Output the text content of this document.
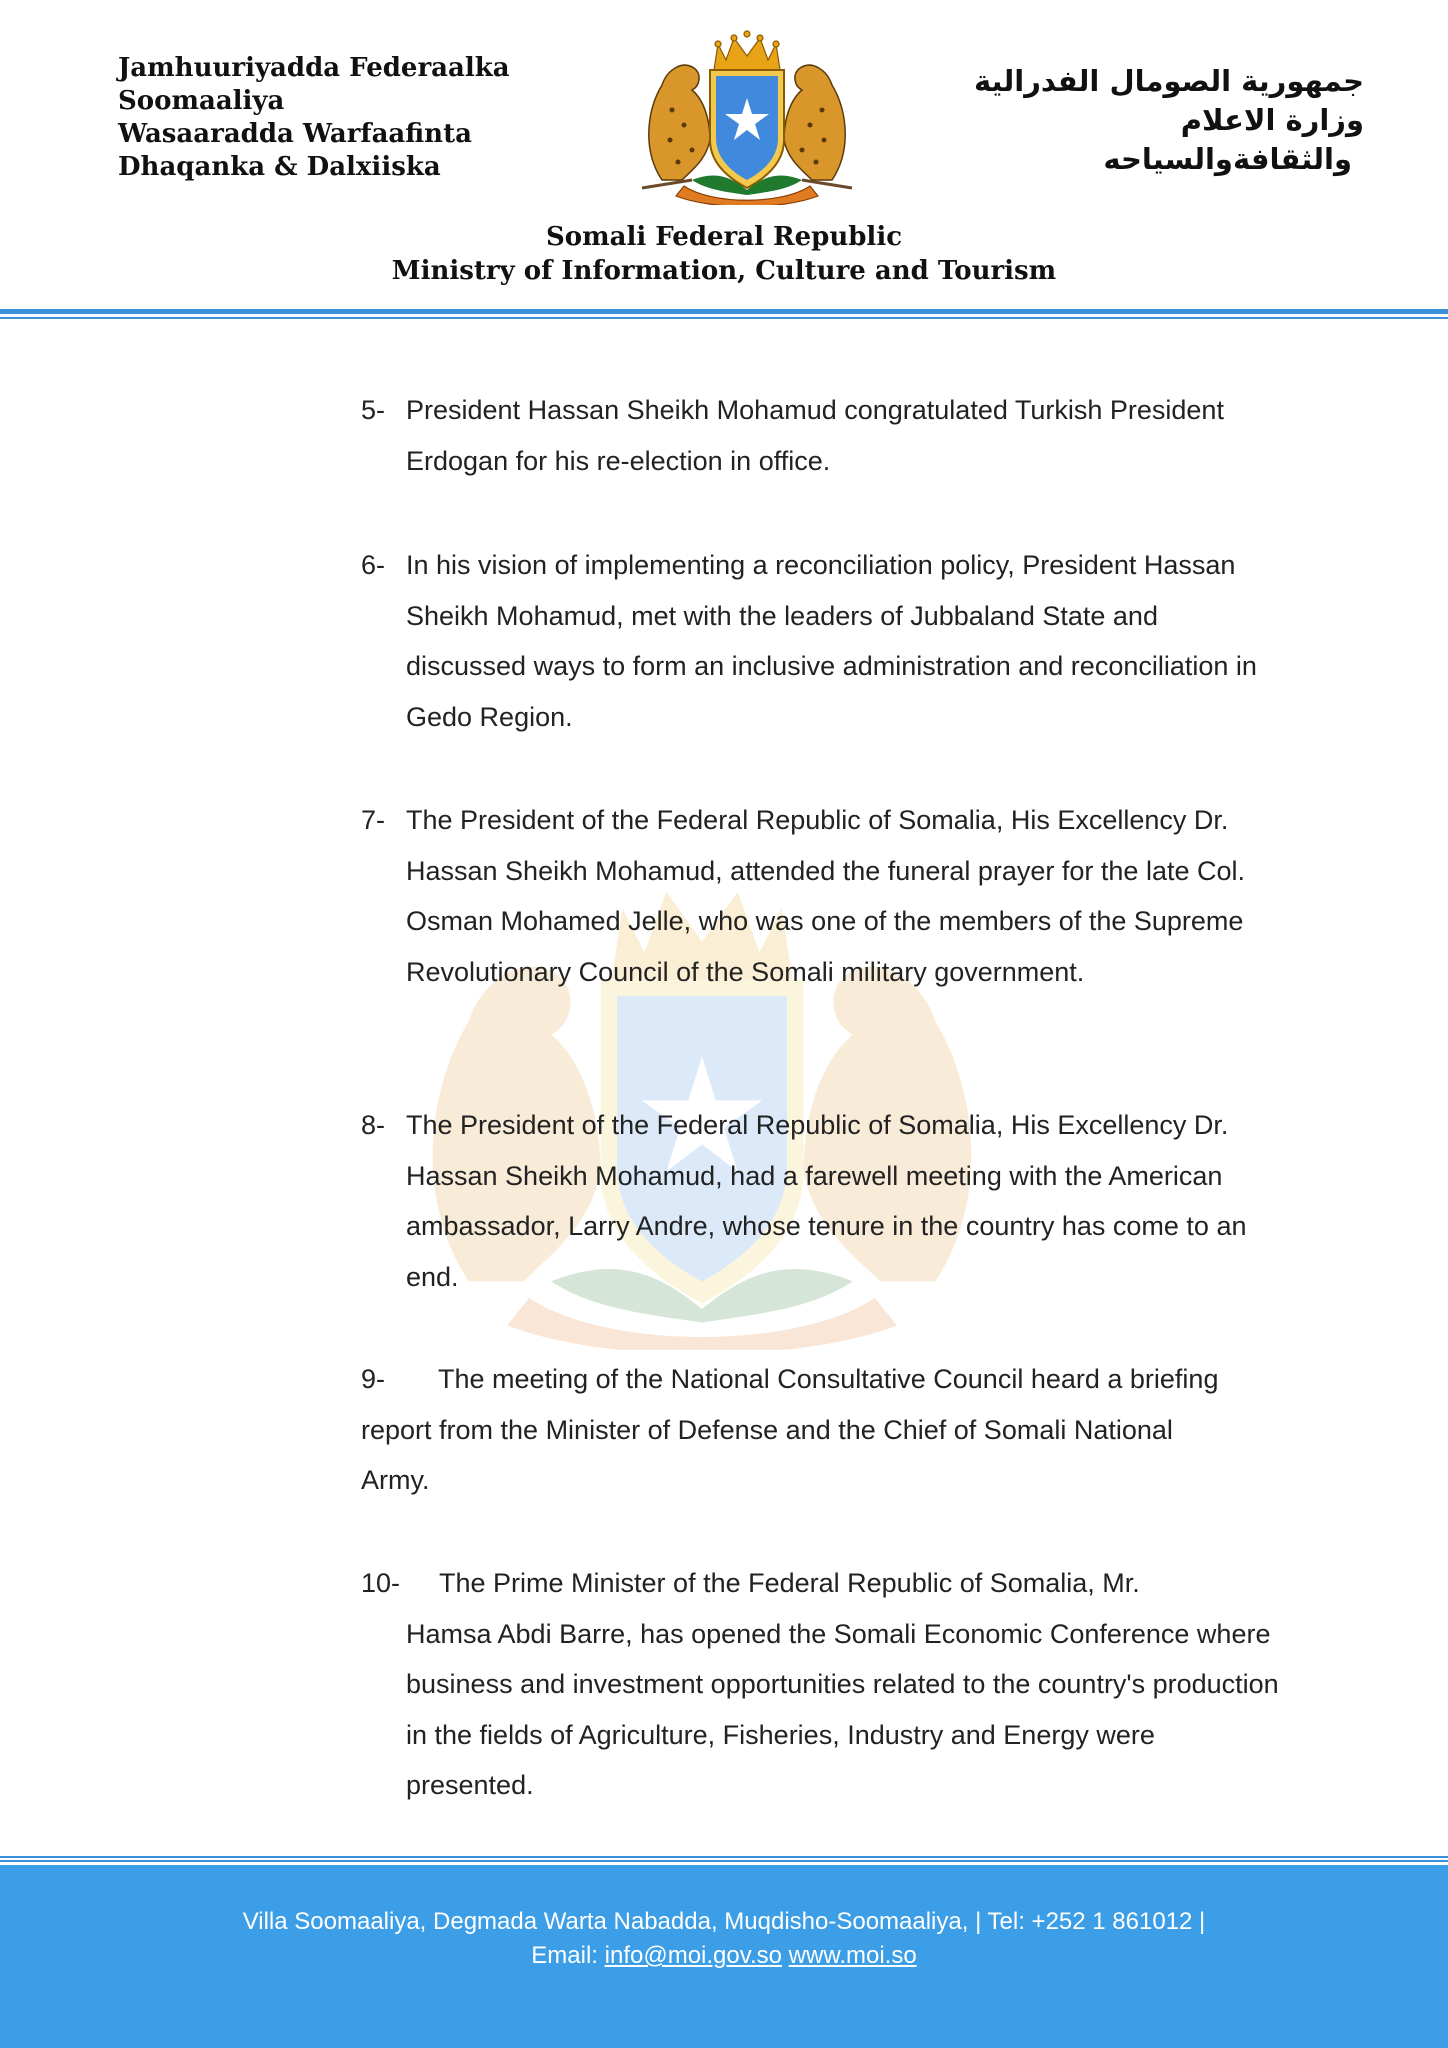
Jamhuuriyadda Federaalka
Soomaaliya
Wasaaradda Warfaafinta
Dhaqanka & Dalxiiska
جمهورية الصومال الفدرالية
وزارة الاعلام
والثقافةوالسياحه
Somali Federal Republic
Ministry of Information, Culture and Tourism
5- President Hassan Sheikh Mohamud congratulated Turkish President Erdogan for his re-election in office.
6- In his vision of implementing a reconciliation policy, President Hassan Sheikh Mohamud, met with the leaders of Jubbaland State and discussed ways to form an inclusive administration and reconciliation in Gedo Region.
7- The President of the Federal Republic of Somalia, His Excellency Dr. Hassan Sheikh Mohamud, attended the funeral prayer for the late Col. Osman Mohamed Jelle, who was one of the members of the Supreme Revolutionary Council of the Somali military government.
8- The President of the Federal Republic of Somalia, His Excellency Dr. Hassan Sheikh Mohamud, had a farewell meeting with the American ambassador, Larry Andre, whose tenure in the country has come to an end.
9- The meeting of the National Consultative Council heard a briefing report from the Minister of Defense and the Chief of Somali National Army.
10- The Prime Minister of the Federal Republic of Somalia, Mr.
Hamsa Abdi Barre, has opened the Somali Economic Conference where business and investment opportunities related to the country's production in the fields of Agriculture, Fisheries, Industry and Energy were presented.
Villa Soomaaliya, Degmada Warta Nabadda, Muqdisho-Soomaaliya, | Tel: +252 1 861012 |
Email: info@moi.gov.so www.moi.so
